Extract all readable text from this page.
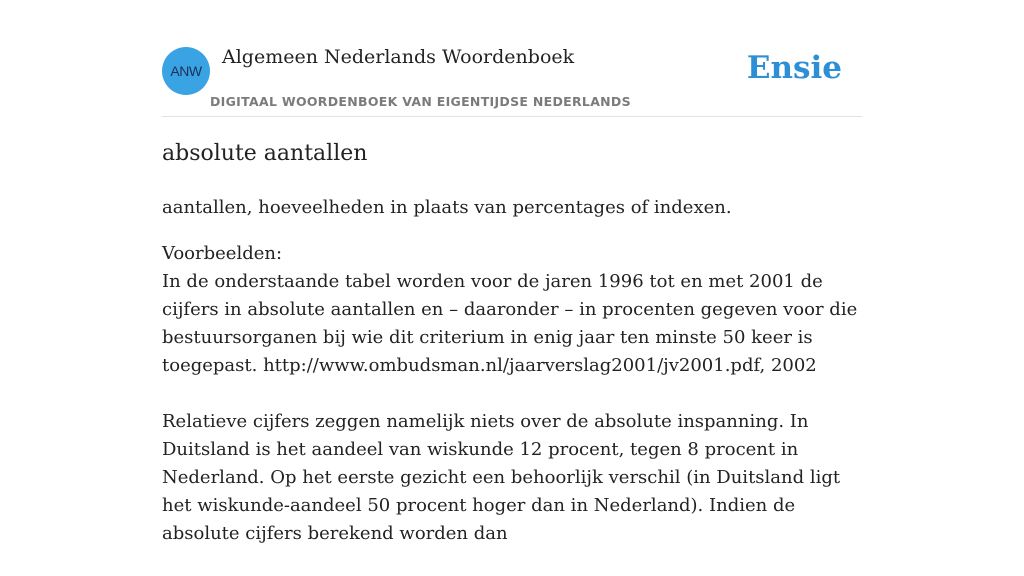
ANW
Algemeen Nederlands Woordenboek
DIGITAAL WOORDENBOEK VAN EIGENTIJDSE NEDERLANDS
Ensie
absolute aantallen

aantallen, hoeveelheden in plaats van percentages of indexen.

Voorbeelden:

In de onderstaande tabel worden voor de jaren 1996 tot en met 2001 de cijfers in absolute aantallen en – daaronder – in procenten gegeven voor die bestuursorganen bij wie dit criterium in enig jaar ten minste 50 keer is toegepast. http://www.ombudsman.nl/jaarverslag2001/jv2001.pdf, 2002

Relatieve cijfers zeggen namelijk niets over de absolute inspanning. In Duitsland is het aandeel van wiskunde 12 procent, tegen 8 procent in Nederland. Op het eerste gezicht een behoorlijk verschil (in Duitsland ligt het wiskunde-aandeel 50 procent hoger dan in Nederland). Indien de absolute cijfers berekend worden dan
